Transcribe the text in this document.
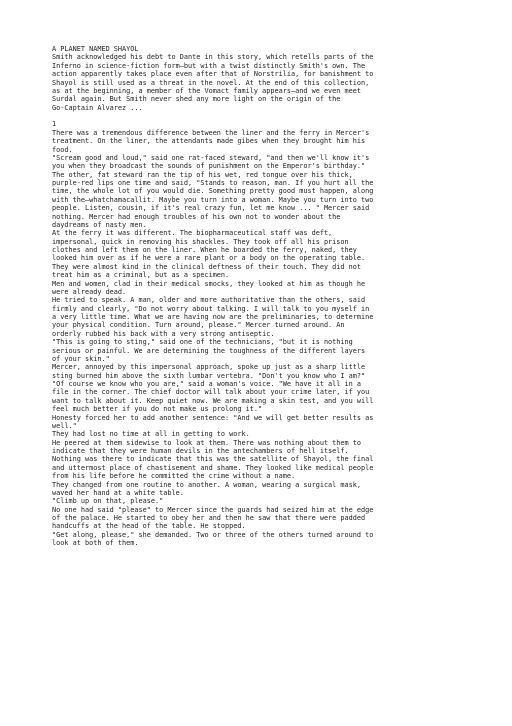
A PLANET NAMED SHAYOL
Smith acknowledged his debt to Dante in this story, which retells parts of the
Inferno in science-fiction form—but with a twist distinctly Smith's own. The
action apparently takes place even after that of Norstrilia, for banishment to
Shayol is still used as a threat in the novel. At the end of this collection,
as at the beginning, a member of the Vomact family appears—and we even meet
Surdal again. But Smith never shed any more light on the origin of the
Go-Captain Alvarez ...
1
There was a tremendous difference between the liner and the ferry in Mercer's
treatment. On the liner, the attendants made gibes when they brought him his
food.
"Scream good and loud," said one rat-faced steward, "and then we'll know it's
you when they broadcast the sounds of punishment on the Emperor's birthday."
The other, fat steward ran the tip of his wet, red tongue over his thick,
purple-red lips one time and said, "Stands to reason, man. If you hurt all the
time, the whole lot of you would die. Something pretty good must happen, along
with the—whatchamacallit. Maybe you turn into a woman. Maybe you turn into two
people. Listen, cousin, if it's real crazy fun, let me know ... " Mercer said
nothing. Mercer had enough troubles of his own not to wonder about the
daydreams of nasty men.
At the ferry it was different. The biopharmaceutical staff was deft,
impersonal, quick in removing his shackles. They took off all his prison
clothes and left them on the liner. When he boarded the ferry, naked, they
looked him over as if he were a rare plant or a body on the operating table.
They were almost kind in the clinical deftness of their touch. They did not
treat him as a criminal, but as a specimen.
Men and women, clad in their medical smocks, they looked at him as though he
were already dead.
He tried to speak. A man, older and more authoritative than the others, said
firmly and clearly, "Do not worry about talking. I will talk to you myself in
a very little time. What we are having now are the preliminaries, to determine
your physical condition. Turn around, please." Mercer turned around. An
orderly rubbed his back with a very strong antiseptic.
"This is going to sting," said one of the technicians, "but it is nothing
serious or painful. We are determining the toughness of the different layers
of your skin."
Mercer, annoyed by this impersonal approach, spoke up just as a sharp little
sting burned him above the sixth lumbar vertebra. "Don't you know who I am?"
"Of course we know who you are," said a woman's voice. "We have it all in a
file in the corner. The chief doctor will talk about your crime later, if you
want to talk about it. Keep quiet now. We are making a skin test, and you will
feel much better if you do not make us prolong it."
Honesty forced her to add another sentence: "And we will get better results as
well."
They had lost no time at all in getting to work.
He peered at them sidewise to look at them. There was nothing about them to
indicate that they were human devils in the antechambers of hell itself.
Nothing was there to indicate that this was the satellite of Shayol, the final
and uttermost place of chastisement and shame. They looked like medical people
from his life before he committed the crime without a name.
They changed from one routine to another. A woman, wearing a surgical mask,
waved her hand at a white table.
"Climb up on that, please."
No one had said "please" to Mercer since the guards had seized him at the edge
of the palace. He started to obey her and then he saw that there were padded
handcuffs at the head of the table. He stopped.
"Get along, please," she demanded. Two or three of the others turned around to
look at both of them.
